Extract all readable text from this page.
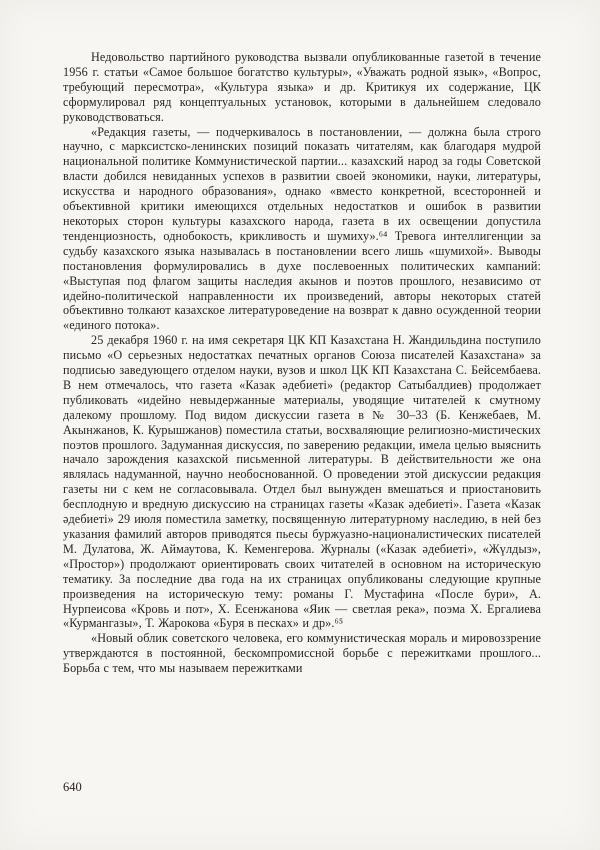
Недовольство партийного руководства вызвали опубликованные газетой в течение 1956 г. статьи «Самое большое богатство культуры», «Уважать родной язык», «Вопрос, требующий пересмотра», «Культура языка» и др. Критикуя их содержание, ЦК сформулировал ряд концептуальных установок, которыми в дальнейшем следовало руководствоваться.

«Редакция газеты, — подчеркивалось в постановлении, — должна была строго научно, с марксистско-ленинских позиций показать читателям, как благодаря мудрой национальной политике Коммунистической партии... казахский народ за годы Советской власти добился невиданных успехов в развитии своей экономики, науки, литературы, искусства и народного образования», однако «вместо конкретной, всесторонней и объективной критики имеющихся отдельных недостатков и ошибок в развитии некоторых сторон культуры казахского народа, газета в их освещении допустила тенденциозность, однобокость, крикливость и шумиху».⁶⁴ Тревога интеллигенции за судьбу казахского языка называлась в постановлении всего лишь «шумихой». Выводы постановления формулировались в духе послевоенных политических кампаний: «Выступая под флагом защиты наследия акынов и поэтов прошлого, независимо от идейно-политической направленности их произведений, авторы некоторых статей объективно толкают казахское литературоведение на возврат к давно осужденной теории «единого потока».

25 декабря 1960 г. на имя секретаря ЦК КП Казахстана Н. Жандильдина поступило письмо «О серьезных недостатках печатных органов Союза писателей Казахстана» за подписью заведующего отделом науки, вузов и школ ЦК КП Казахстана С. Бейсембаева. В нем отмечалось, что газета «Казак әдебиеті» (редактор Сатыбалдиев) продолжает публиковать «идейно невыдержанные материалы, уводящие читателей к смутному далекому прошлому. Под видом дискуссии газета в № 30–33 (Б. Кенжебаев, М. Акынжанов, К. Курышжанов) поместила статьи, восхваляющие религиозно-мистических поэтов прошлого. Задуманная дискуссия, по заверению редакции, имела целью выяснить начало зарождения казахской письменной литературы. В действительности же она являлась надуманной, научно необоснованной. О проведении этой дискуссии редакция газеты ни с кем не согласовывала. Отдел был вынужден вмешаться и приостановить бесплодную и вредную дискуссию на страницах газеты «Казак әдебиеті». Газета «Казак әдебиеті» 29 июля поместила заметку, посвященную литературному наследию, в ней без указания фамилий авторов приводятся пьесы буржуазно-националистических писателей М. Дулатова, Ж. Аймаутова, К. Кеменгерова. Журналы («Казак әдебиеті», «Жүлдыз», «Простор») продолжают ориентировать своих читателей в основном на историческую тематику. За последние два года на их страницах опубликованы следующие крупные произведения на историческую тему: романы Г. Мустафина «После бури», А. Нурпеисова «Кровь и пот», Х. Есенжанова «Яик — светлая река», поэма Х. Ергалиева «Курмангазы», Т. Жарокова «Буря в песках» и др».⁶⁵

«Новый облик советского человека, его коммунистическая мораль и мировоззрение утверждаются в постоянной, бескомпромиссной борьбе с пережитками прошлого... Борьба с тем, что мы называем пережитками

640
